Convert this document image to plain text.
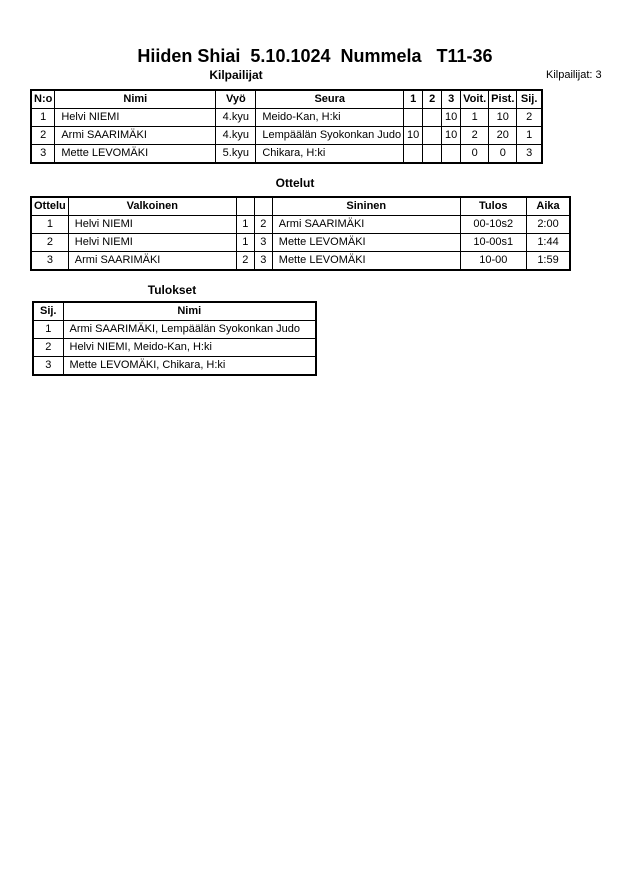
Hiiden Shiai  5.10.1024  Nummela   T11-36
Kilpailijat	Kilpailijat: 3
N:o	Nimi	Vyö	Seura	1	2	3	Voit.	Pist.	Sij.
1	Helvi NIEMI	4.kyu	Meido-Kan, H:ki			10	1	10	2
2	Armi SAARIMÄKI	4.kyu	Lempäälän Syokonkan Judo	10		10	2	20	1
3	Mette LEVOMÄKI	5.kyu	Chikara, H:ki				0	0	3
Ottelut
Ottelu	Valkoinen			Sininen	Tulos	Aika
1	Helvi NIEMI	1	2	Armi SAARIMÄKI	00-10s2	2:00
2	Helvi NIEMI	1	3	Mette LEVOMÄKI	10-00s1	1:44
3	Armi SAARIMÄKI	2	3	Mette LEVOMÄKI	10-00	1:59
Tulokset
Sij.	Nimi
1	Armi SAARIMÄKI, Lempäälän Syokonkan Judo
2	Helvi NIEMI, Meido-Kan, H:ki
3	Mette LEVOMÄKI, Chikara, H:ki
